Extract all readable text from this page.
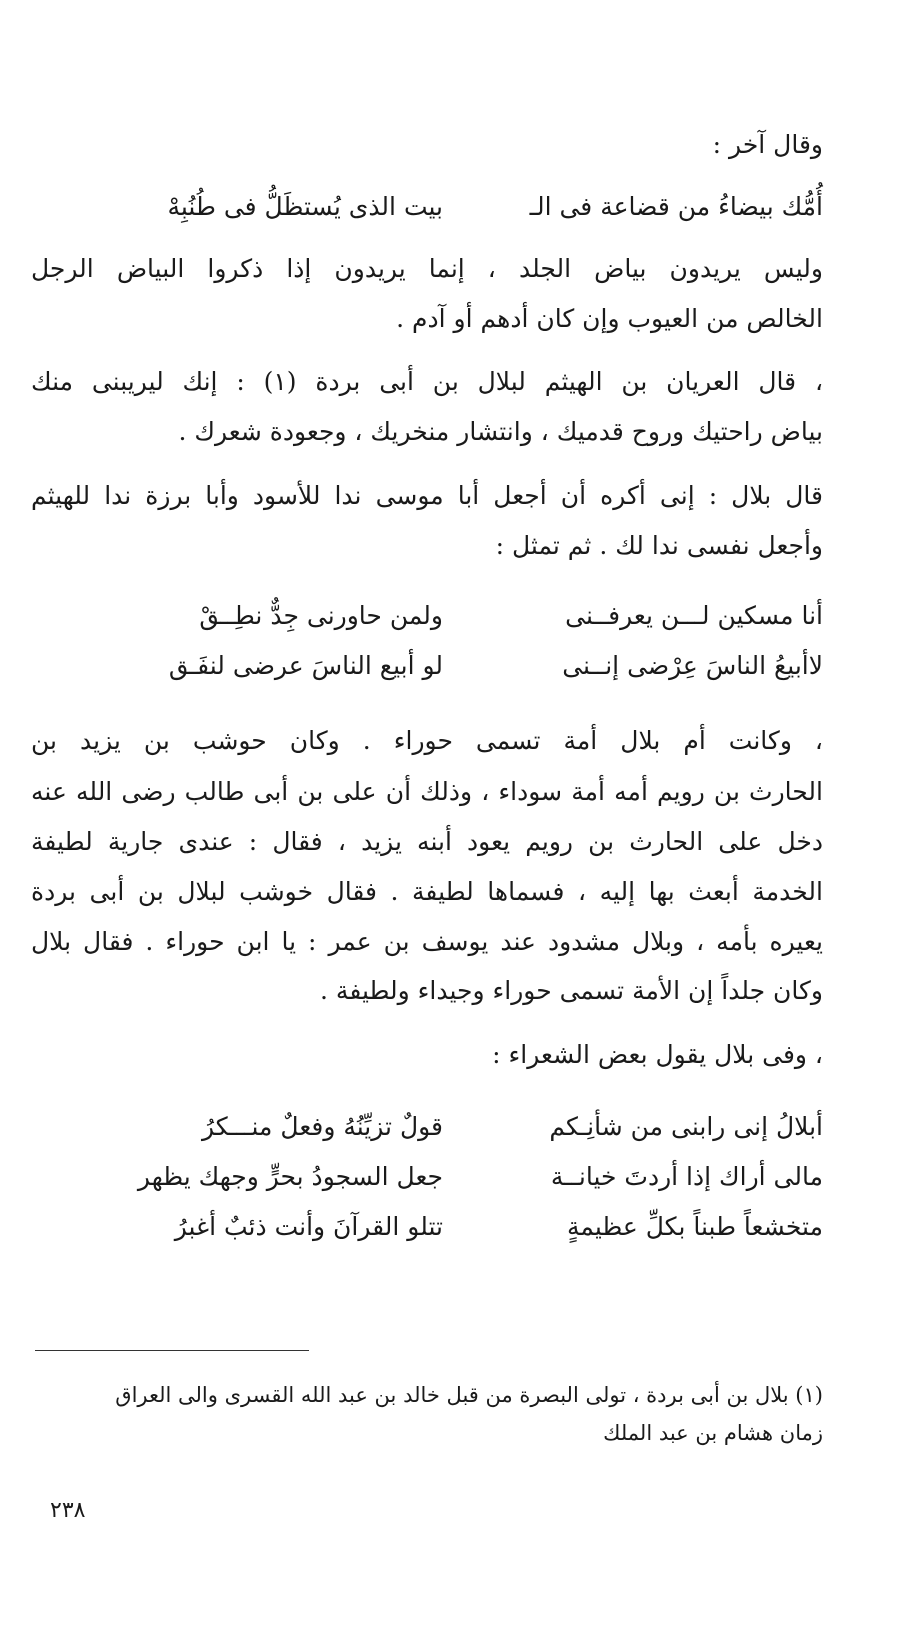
وقال آخر :
أُمُّك بيضاءُ من قضاعة فى الـ
بيت الذى يُستظَلُّ فى طُنُبِهْ
وليس يريدون بياض الجلد ، إنما يريدون إذا ذكروا البياض الرجل
الخالص من العيوب وإن كان أدهم أو آدم .
، قال العريان بن الهيثم لبلال بن أبى بردة (١) : إنك ليريبنى منك
بياض راحتيك وروح قدميك ، وانتشار منخريك ، وجعودة شعرك .
قال بلال : إنى أكره أن أجعل أبا موسى ندا للأسود وأبا برزة ندا للهيثم
وأجعل نفسى ندا لك . ثم تمثل :
أنا مسكين لـــن يعرفــنى
ولمن حاورنى جِدٌّ نطِــقْ
لاأبيعُ الناسَ عِرْضى إنــنى
لو أبيع الناسَ عرضى لنفَـق
، وكانت أم بلال أمة تسمى حوراء . وكان حوشب بن يزيد بن
الحارث بن رويم أمه أمة سوداء ، وذلك أن على بن أبى طالب رضى الله عنه
دخل على الحارث بن رويم يعود أبنه يزيد ، فقال : عندى جارية لطيفة
الخدمة أبعث بها إليه ، فسماها لطيفة . فقال خوشب لبلال بن أبى بردة
يعيره بأمه ، وبلال مشدود عند يوسف بن عمر : يا ابن حوراء . فقال بلال
وكان جلداً إن الأمة تسمى حوراء وجيداء ولطيفة .
، وفى بلال يقول بعض الشعراء :
أبلالُ إنى رابنى من شأنِـكم
قولٌ تزيِّنُهُ وفعلٌ منـــكرُ
مالى أراك إذا أردتَ خيانــة
جعل السجودُ بحرٍّ وجهك يظهر
متخشعاً طبناً بكلِّ عظيمةٍ
تتلو القرآنَ وأنت ذئبٌ أغبرُ
(١) بلال بن أبى بردة ، تولى البصرة من قبل خالد بن عبد الله القسرى والى العراق
زمان هشام بن عبد الملك
٢٣٨
